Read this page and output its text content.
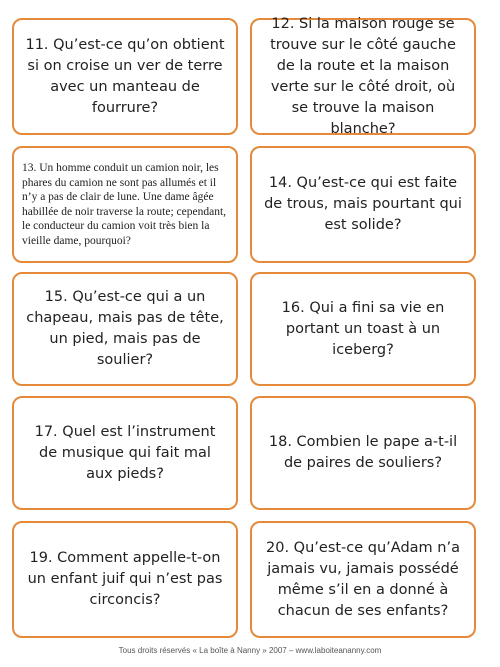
11. Qu’est-ce qu’on obtient si on croise un ver de terre avec un manteau de fourrure?
12. Si la maison rouge se trouve sur le côté gauche de la route et la maison verte sur le côté droit, où se trouve la maison blanche?
13. Un homme conduit un camion noir, les phares du camion ne sont pas allumés et il n’y a pas de clair de lune. Une dame âgée habillée de noir traverse la route; cependant, le conducteur du camion voit très bien la vieille dame, pourquoi?
14. Qu’est-ce qui est faite de trous, mais pourtant qui est solide?
15. Qu’est-ce qui a un chapeau, mais pas de tête, un pied, mais pas de soulier?
16. Qui a fini sa vie en portant un toast à un iceberg?
17. Quel est l’instrument de musique qui fait mal aux pieds?
18. Combien le pape a-t-il de paires de souliers?
19. Comment appelle-t-on un enfant juif qui n’est pas circoncis?
20. Qu’est-ce qu’Adam n’a jamais vu, jamais possédé même s’il en a donné à chacun de ses enfants?
Tous droits réservés « La boîte à Nanny » 2007 – www.laboiteananny.com
